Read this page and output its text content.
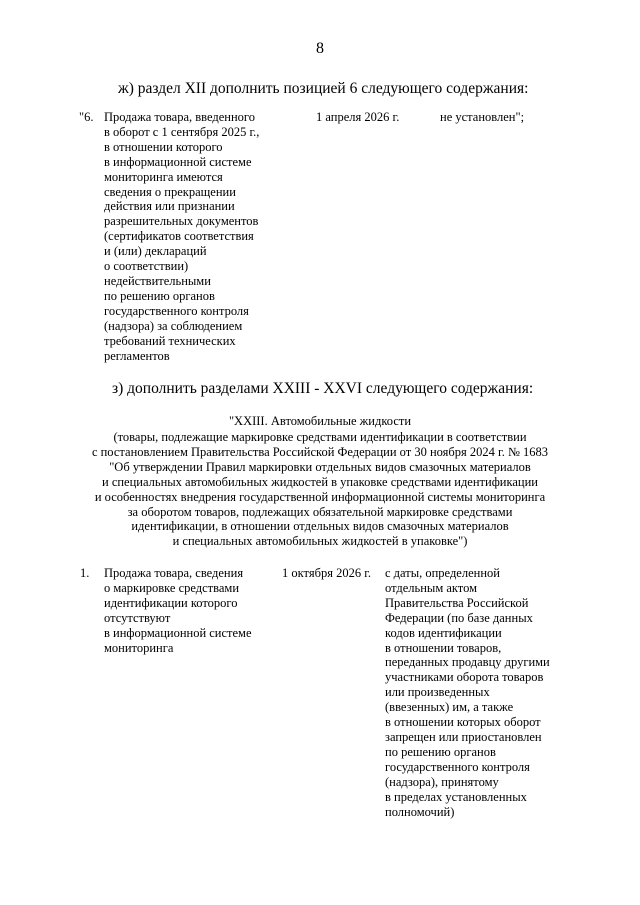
8
ж) раздел XII дополнить позицией 6 следующего содержания:
"6. Продажа товара, введенного
в оборот с 1 сентября 2025 г.,
в отношении которого
в информационной системе
мониторинга имеются
сведения о прекращении
действия или признании
разрешительных документов
(сертификатов соответствия
и (или) деклараций
о соответствии)
недействительными
по решению органов
государственного контроля
(надзора) за соблюдением
требований технических
регламентов
1 апреля 2026 г.	не установлен";
з) дополнить разделами XXIII - XXVI следующего содержания:
"XXIII. Автомобильные жидкости
(товары, подлежащие маркировке средствами идентификации в соответствии
с постановлением Правительства Российской Федерации от 30 ноября 2024 г. № 1683
"Об утверждении Правил маркировки отдельных видов смазочных материалов
и специальных автомобильных жидкостей в упаковке средствами идентификации
и особенностях внедрения государственной информационной системы мониторинга
за оборотом товаров, подлежащих обязательной маркировке средствами
идентификации, в отношении отдельных видов смазочных материалов
и специальных автомобильных жидкостей в упаковке")
1. Продажа товара, сведения
о маркировке средствами
идентификации которого
отсутствуют
в информационной системе
мониторинга
1 октября 2026 г. с даты, определенной
отдельным актом
Правительства Российской
Федерации (по базе данных
кодов идентификации
в отношении товаров,
переданных продавцу другими
участниками оборота товаров
или произведенных
(ввезенных) им, а также
в отношении которых оборот
запрещен или приостановлен
по решению органов
государственного контроля
(надзора), принятому
в пределах установленных
полномочий)
